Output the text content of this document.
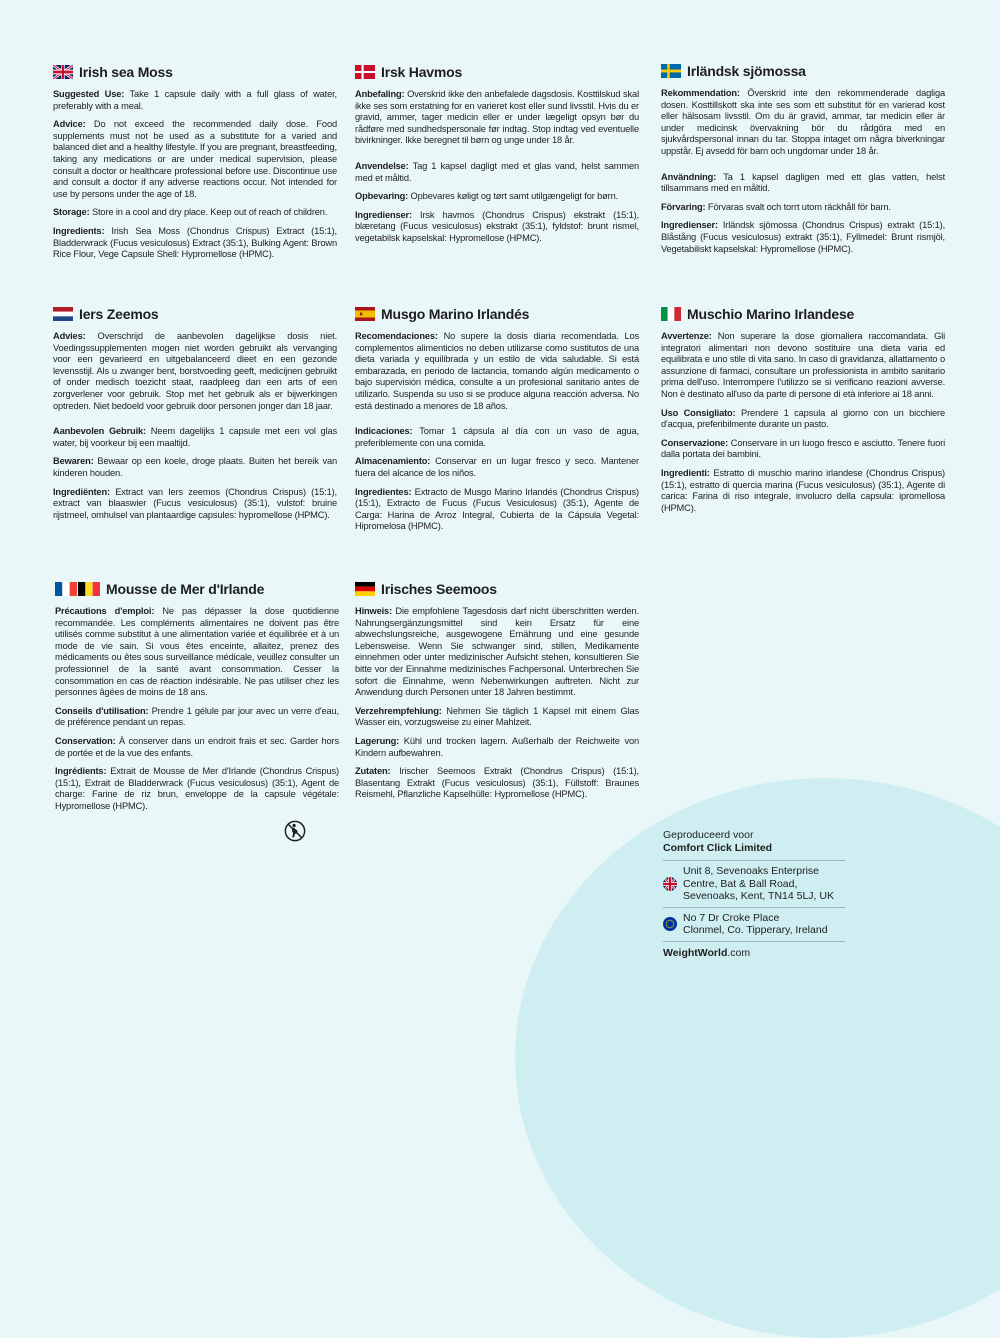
Irish sea Moss

Suggested Use: Take 1 capsule daily with a full glass of water, preferably with a meal.

Advice: Do not exceed the recommended daily dose. Food supplements must not be used as a substitute for a varied and balanced diet and a healthy lifestyle. If you are pregnant, breastfeeding, taking any medications or are under medical supervision, please consult a doctor or healthcare professional before use. Discontinue use and consult a doctor if any adverse reactions occur. Not intended for use by persons under the age of 18.

Storage: Store in a cool and dry place. Keep out of reach of children.

Ingredients: Irish Sea Moss (Chondrus Crispus) Extract (15:1), Bladderwrack (Fucus vesiculosus) Extract (35:1), Bulking Agent: Brown Rice Flour, Vege Capsule Shell: Hypromellose (HPMC).

Irsk Havmos

Anbefaling: Overskrid ikke den anbefalede dagsdosis. Kosttilskud skal ikke ses som erstatning for en varieret kost eller sund livsstil. Hvis du er gravid, ammer, tager medicin eller er under lægeligt opsyn bør du rådføre med sundhedspersonale før indtag. Stop indtag ved eventuelle bivirkninger. Ikke beregnet til børn og unge under 18 år.

Anvendelse: Tag 1 kapsel dagligt med et glas vand, helst sammen med et måltid.

Opbevaring: Opbevares køligt og tørt samt utilgængeligt for børn.

Ingredienser: Irsk havmos (Chondrus Crispus) ekstrakt (15:1), blæretang (Fucus vesiculosus) ekstrakt (35:1), fyldstof: brunt rismel, vegetabilsk kapselskal: Hypromellose (HPMC).

Irländsk sjömossa

Rekommendation: Överskrid inte den rekommenderade dagliga dosen. Kosttillskott ska inte ses som ett substitut för en varierad kost eller hälsosam livsstil. Om du är gravid, ammar, tar medicin eller är under medicinsk övervakning bör du rådgöra med en sjukvårdspersonal innan du tar. Stoppa intaget om några biverkningar uppstår. Ej avsedd för barn och ungdomar under 18 år.

Användning: Ta 1 kapsel dagligen med ett glas vatten, helst tillsammans med en måltid.

Förvaring: Förvaras svalt och torrt utom räckhåll för barn.

Ingredienser: Irländsk sjömossa (Chondrus Crispus) extrakt (15:1), Blåstång (Fucus vesiculosus) extrakt (35:1), Fyllmedel: Brunt rismjöl, Vegetabiliskt kapselskal: Hypromellose (HPMC).

Iers Zeemos

Advies: Overschrijd de aanbevolen dagelijkse dosis niet. Voedingssupplementen mogen niet worden gebruikt als vervanging voor een gevarieerd en uitgebalanceerd dieet en een gezonde levensstijl. Als u zwanger bent, borstvoeding geeft, medicijnen gebruikt of onder medisch toezicht staat, raadpleeg dan een arts of een zorgverlener voor gebruik. Stop met het gebruik als er bijwerkingen optreden. Niet bedoeld voor gebruik door personen jonger dan 18 jaar.

Aanbevolen Gebruik: Neem dagelijks 1 capsule met een vol glas water, bij voorkeur bij een maaltijd.

Bewaren: Bewaar op een koele, droge plaats. Buiten het bereik van kinderen houden.

Ingrediënten: Extract van Iers zeemos (Chondrus Crispus) (15:1), extract van blaaswier (Fucus vesiculosus) (35:1), vulstof: bruine rijstmeel, omhulsel van plantaardige capsules: hypromellose (HPMC).

Musgo Marino Irlandés

Recomendaciones: No supere la dosis diaria recomendada. Los complementos alimenticios no deben utilizarse como sustitutos de una dieta variada y equilibrada y un estilo de vida saludable. Si está embarazada, en periodo de lactancia, tomando algún medicamento o bajo supervisión médica, consulte a un profesional sanitario antes de utilizarlo. Suspenda su uso si se produce alguna reacción adversa. No está destinado a menores de 18 años.

Indicaciones: Tomar 1 cápsula al día con un vaso de agua, preferiblemente con una comida.

Almacenamiento: Conservar en un lugar fresco y seco. Mantener fuera del alcance de los niños.

Ingredientes: Extracto de Musgo Marino Irlandés (Chondrus Crispus) (15:1), Extracto de Fucus (Fucus Vesiculosus) (35:1), Agente de Carga: Harina de Arroz Integral, Cubierta de la Cápsula Vegetal: Hipromelosa (HPMC).

Muschio Marino Irlandese

Avvertenze: Non superare la dose giornaliera raccomandata. Gli integratori alimentari non devono sostituire una dieta varia ed equilibrata e uno stile di vita sano. In caso di gravidanza, allattamento o assunzione di farmaci, consultare un professionista in ambito sanitario prima dell'uso. Interrompere l'utilizzo se si verificano reazioni avverse. Non è destinato all'uso da parte di persone di età inferiore ai 18 anni.

Uso Consigliato: Prendere 1 capsula al giorno con un bicchiere d'acqua, preferibilmente durante un pasto.

Conservazione: Conservare in un luogo fresco e asciutto. Tenere fuori dalla portata dei bambini.

Ingredienti: Estratto di muschio marino irlandese (Chondrus Crispus) (15:1), estratto di quercia marina (Fucus vesiculosus) (35:1), Agente di carica: Farina di riso integrale, involucro della capsula: ipromellosa (HPMC).

Mousse de Mer d'Irlande

Précautions d'emploi: Ne pas dépasser la dose quotidienne recommandée. Les compléments alimentaires ne doivent pas être utilisés comme substitut à une alimentation variée et équilibrée et à un mode de vie sain. Si vous êtes enceinte, allaitez, prenez des médicaments ou êtes sous surveillance médicale, veuillez consulter un professionnel de la santé avant consommation. Cesser la consommation en cas de réaction indésirable. Ne pas utiliser chez les personnes âgées de moins de 18 ans.

Conseils d'utilisation: Prendre 1 gélule par jour avec un verre d'eau, de préférence pendant un repas.

Conservation: À conserver dans un endroit frais et sec. Garder hors de portée et de la vue des enfants.

Ingrédients: Extrait de Mousse de Mer d'Irlande (Chondrus Crispus) (15:1), Extrait de Bladderwrack (Fucus vesiculosus) (35:1), Agent de charge: Farine de riz brun, enveloppe de la capsule végétale: Hypromellose (HPMC).

Irisches Seemoos

Hinweis: Die empfohlene Tagesdosis darf nicht überschritten werden. Nahrungsergänzungsmittel sind kein Ersatz für eine abwechslungsreiche, ausgewogene Ernährung und eine gesunde Lebensweise. Wenn Sie schwanger sind, stillen, Medikamente einnehmen oder unter medizinischer Aufsicht stehen, konsultieren Sie bitte vor der Einnahme medizinisches Fachpersonal. Unterbrechen Sie sofort die Einnahme, wenn Nebenwirkungen auftreten. Nicht zur Anwendung durch Personen unter 18 Jahren bestimmt.

Verzehrempfehlung: Nehmen Sie täglich 1 Kapsel mit einem Glas Wasser ein, vorzugsweise zu einer Mahlzeit.

Lagerung: Kühl und trocken lagern. Außerhalb der Reichweite von Kindern aufbewahren.

Zutaten: Irischer Seemoos Extrakt (Chondrus Crispus) (15:1), Blasentang Extrakt (Fucus vesiculosus) (35:1), Füllstoff: Braunes Reismehl, Pflanzliche Kapselhülle: Hypromellose (HPMC).

Geproduceerd voor
Comfort Click Limited
Unit 8, Sevenoaks Enterprise
Centre, Bat & Ball Road,
Sevenoaks, Kent, TN14 5LJ, UK
No 7 Dr Croke Place
Clonmel, Co. Tipperary, Ireland
WeightWorld.com
